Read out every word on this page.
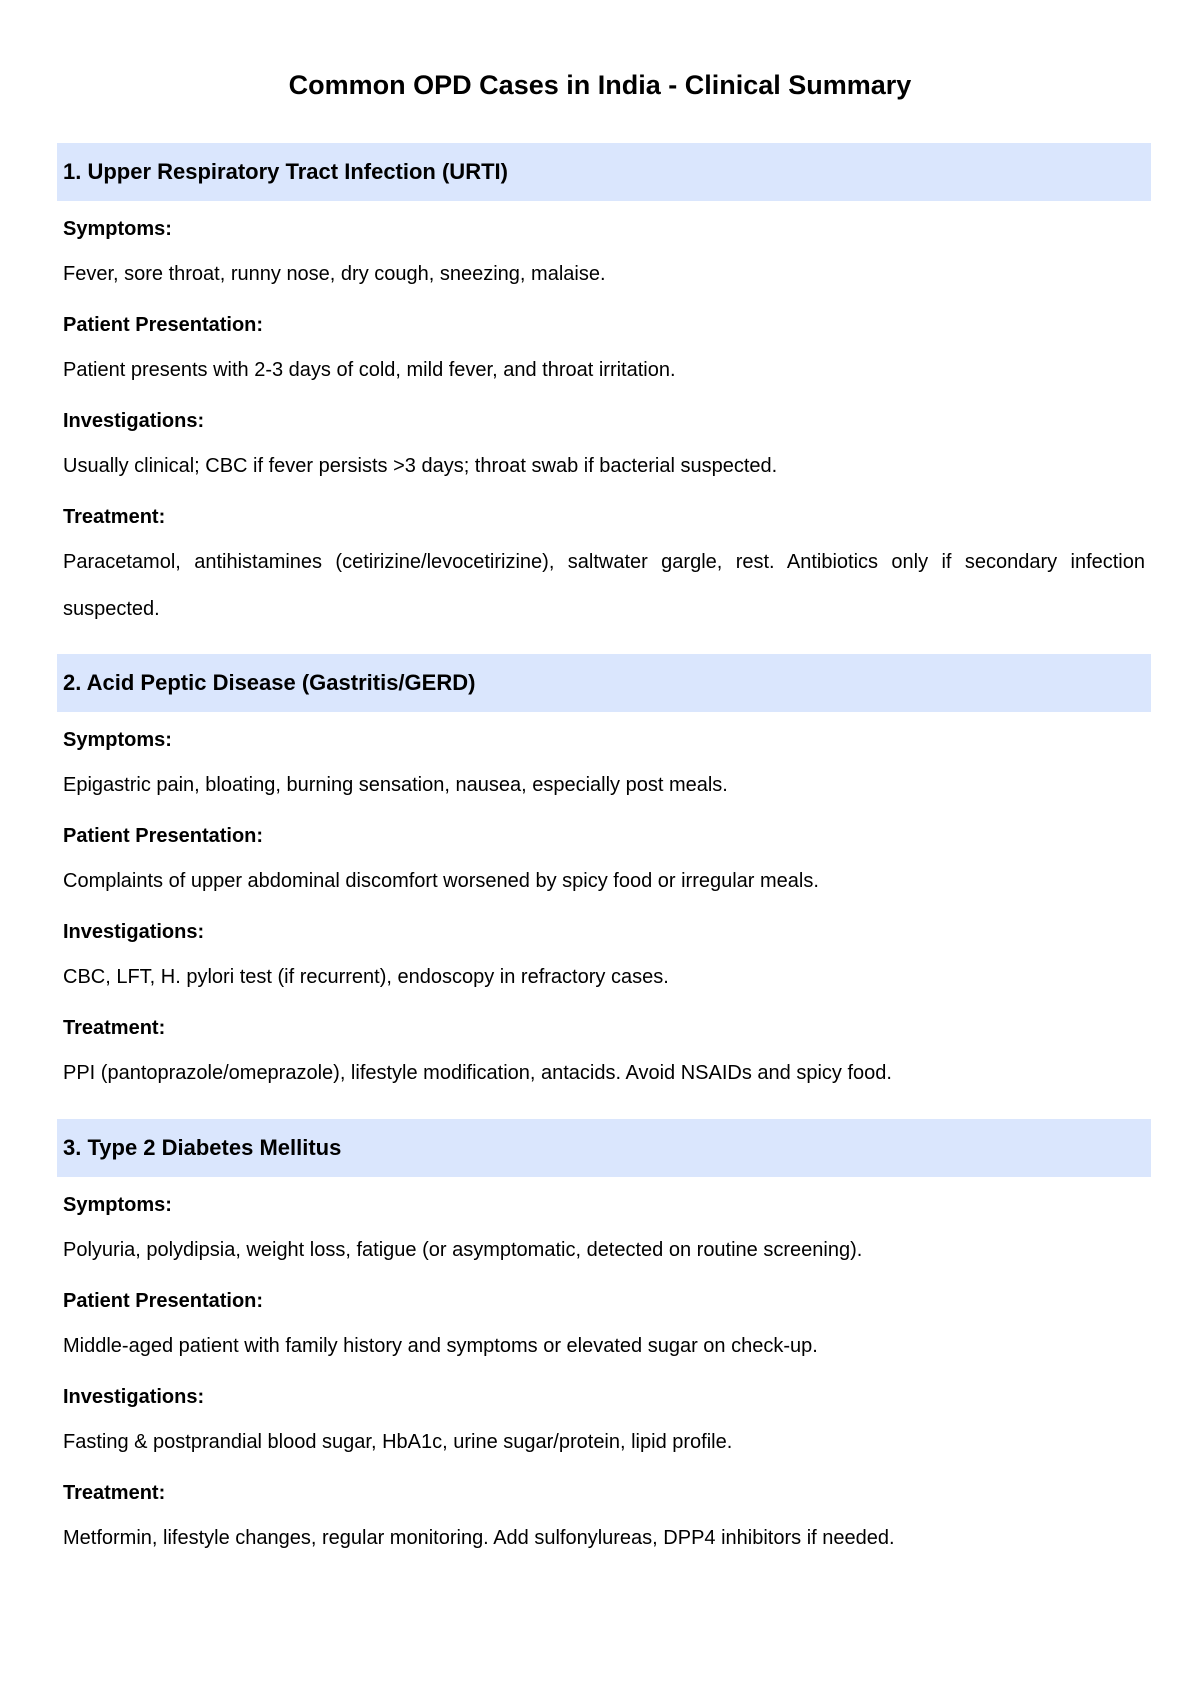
Common OPD Cases in India - Clinical Summary
1. Upper Respiratory Tract Infection (URTI)
Symptoms:
Fever, sore throat, runny nose, dry cough, sneezing, malaise.
Patient Presentation:
Patient presents with 2-3 days of cold, mild fever, and throat irritation.
Investigations:
Usually clinical; CBC if fever persists >3 days; throat swab if bacterial suspected.
Treatment:
Paracetamol, antihistamines (cetirizine/levocetirizine), saltwater gargle, rest. Antibiotics only if secondary infection suspected.
2. Acid Peptic Disease (Gastritis/GERD)
Symptoms:
Epigastric pain, bloating, burning sensation, nausea, especially post meals.
Patient Presentation:
Complaints of upper abdominal discomfort worsened by spicy food or irregular meals.
Investigations:
CBC, LFT, H. pylori test (if recurrent), endoscopy in refractory cases.
Treatment:
PPI (pantoprazole/omeprazole), lifestyle modification, antacids. Avoid NSAIDs and spicy food.
3. Type 2 Diabetes Mellitus
Symptoms:
Polyuria, polydipsia, weight loss, fatigue (or asymptomatic, detected on routine screening).
Patient Presentation:
Middle-aged patient with family history and symptoms or elevated sugar on check-up.
Investigations:
Fasting & postprandial blood sugar, HbA1c, urine sugar/protein, lipid profile.
Treatment:
Metformin, lifestyle changes, regular monitoring. Add sulfonylureas, DPP4 inhibitors if needed.
